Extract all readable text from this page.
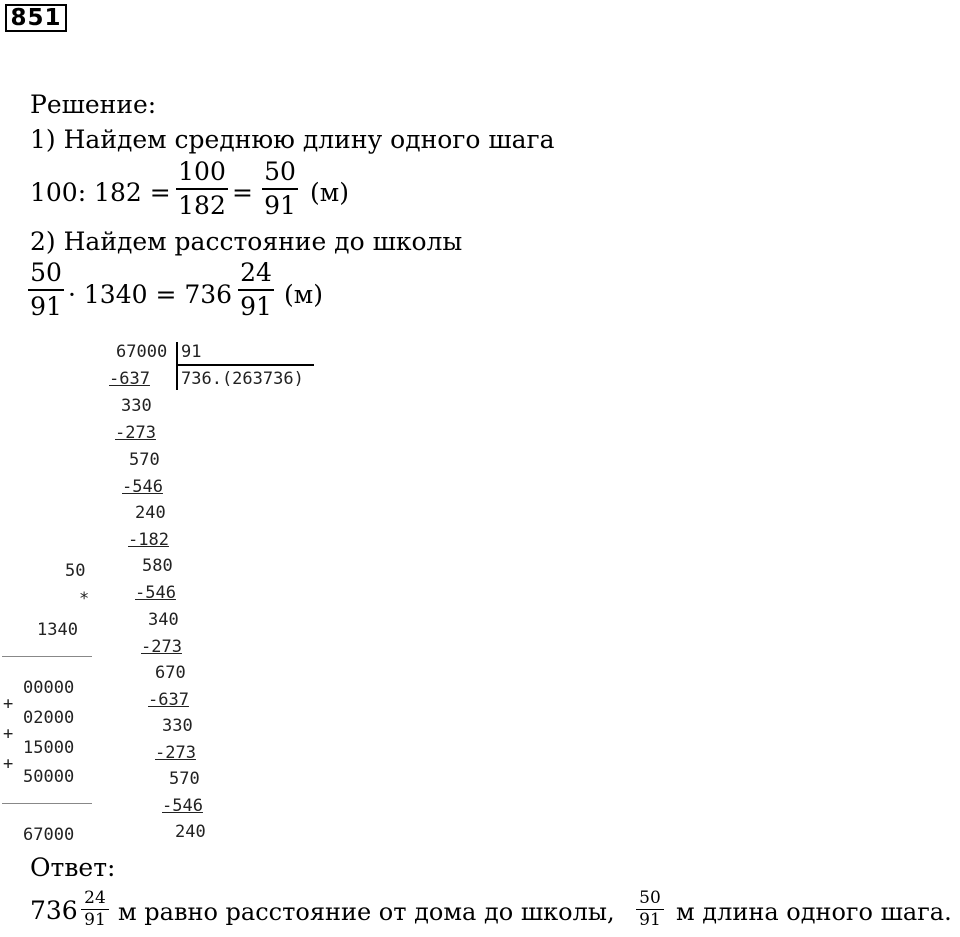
851
Решение:
1) Найдем среднюю длину одного шага
100: 182 =
100
182 =
50
91 (м)
2) Найдем расстояние до школы
50
91 · 1340 = 736
24
91 (м)
67000 91
736.(263736)
-637
330
-273
570
-546
240
-182
580
-546
340
-273
670
-637
330
-273
570
-546
240
50
*
1340
00000
+
02000
+
15000
+
50000
67000
Ответ:
736 24
91 м равно расстояние от дома до школы, 50
91 м длина одного шага.
